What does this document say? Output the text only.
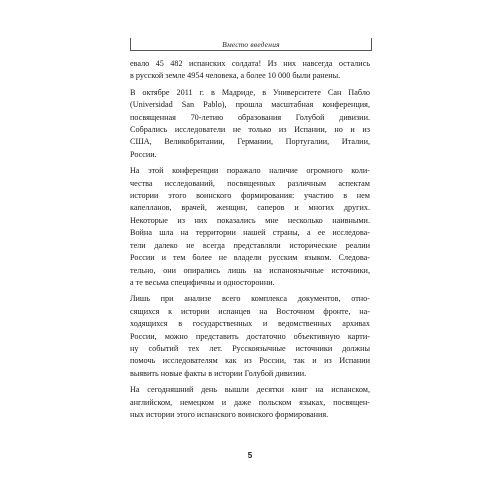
Вместо введения

евало 45 482 испанских солдата! Из них навсегда остались
в русской земле 4954 человека, а более 10 000 были ранены.

В октябре 2011 г. в Мадриде, в Университете Сан Пабло
(Universidad San Pablo), прошла масштабная конференция,
посвященная 70-летию образования Голубой дивизии.
Собрались исследователи не только из Испании, но и из
США, Великобритании, Германии, Португалии, Италии,
России.

На этой конференции поражало наличие огромного коли-
чества исследований, посвященных различным аспектам
истории этого воинского формирования: участию в нем
капелланов, врачей, женщин, саперов и многих других.
Некоторые из них показались мне несколько наивными.
Война шла на территории нашей страны, а ее исследова-
тели далеко не всегда представляли исторические реалии
России и тем более не владели русским языком. Следова-
тельно, они опирались лишь на испаноязычные источники,
а те весьма специфичны и односторонни.

Лишь при анализе всего комплекса документов, отно-
сящихся к истории испанцев на Восточном фронте, на-
ходящихся в государственных и ведомственных архивах
России, можно представить достаточно объективную карти-
ну событий тех лет. Русскоязычные источники должны
помочь исследователям как из России, так и из Испании
выявить новые факты в истории Голубой дивизии.

На сегодняшний день вышли десятки книг на испанском,
английском, немецком и даже польском языках, посвящен-
ных истории этого испанского воинского формирования.

5
